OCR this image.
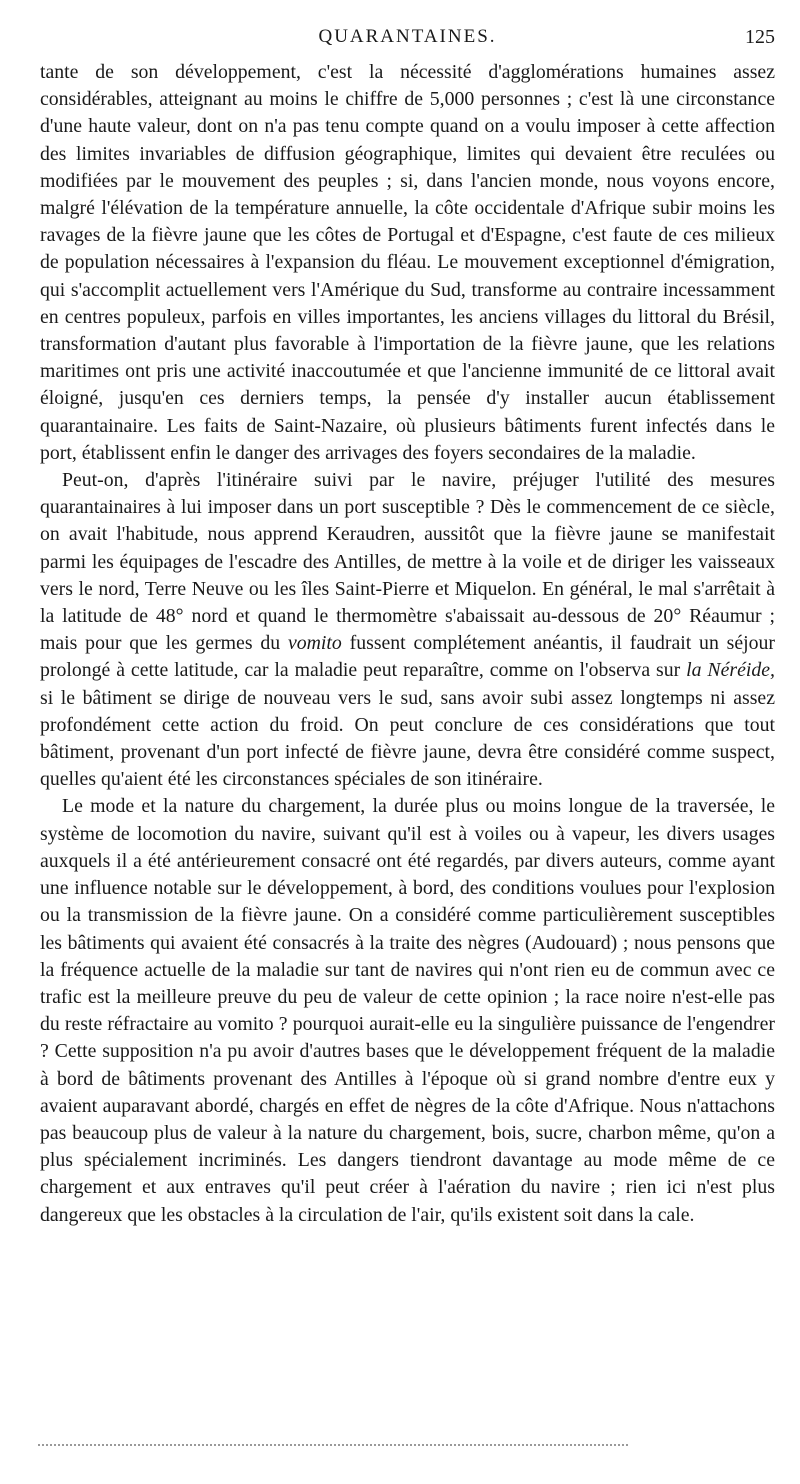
QUARANTAINES.	125

tante de son développement, c'est la nécessité d'agglomérations humaines assez considérables, atteignant au moins le chiffre de 5,000 personnes ; c'est là une circonstance d'une haute valeur, dont on n'a pas tenu compte quand on a voulu imposer à cette affection des limites invariables de diffusion géographique, limites qui devaient être reculées ou modifiées par le mouvement des peuples ; si, dans l'ancien monde, nous voyons encore, malgré l'élévation de la température annuelle, la côte occidentale d'Afrique subir moins les ravages de la fièvre jaune que les côtes de Portugal et d'Espagne, c'est faute de ces milieux de population nécessaires à l'expansion du fléau. Le mouvement exceptionnel d'émigration, qui s'accomplit actuellement vers l'Amérique du Sud, transforme au contraire incessamment en centres populeux, parfois en villes importantes, les anciens villages du littoral du Brésil, transformation d'autant plus favorable à l'importation de la fièvre jaune, que les relations maritimes ont pris une activité inaccoutumée et que l'ancienne immunité de ce littoral avait éloigné, jusqu'en ces derniers temps, la pensée d'y installer aucun établissement quarantainaire. Les faits de Saint-Nazaire, où plusieurs bâtiments furent infectés dans le port, établissent enfin le danger des arrivages des foyers secondaires de la maladie.

Peut-on, d'après l'itinéraire suivi par le navire, préjuger l'utilité des mesures quarantainaires à lui imposer dans un port susceptible ? Dès le commencement de ce siècle, on avait l'habitude, nous apprend Keraudren, aussitôt que la fièvre jaune se manifestait parmi les équipages de l'escadre des Antilles, de mettre à la voile et de diriger les vaisseaux vers le nord, Terre Neuve ou les îles Saint-Pierre et Miquelon. En général, le mal s'arrêtait à la latitude de 48° nord et quand le thermomètre s'abaissait au-dessous de 20° Réaumur ; mais pour que les germes du vomito fussent complétement anéantis, il faudrait un séjour prolongé à cette latitude, car la maladie peut reparaître, comme on l'observa sur la Néréide, si le bâtiment se dirige de nouveau vers le sud, sans avoir subi assez longtemps ni assez profondément cette action du froid. On peut conclure de ces considérations que tout bâtiment, provenant d'un port infecté de fièvre jaune, devra être considéré comme suspect, quelles qu'aient été les circonstances spéciales de son itinéraire.

Le mode et la nature du chargement, la durée plus ou moins longue de la traversée, le système de locomotion du navire, suivant qu'il est à voiles ou à vapeur, les divers usages auxquels il a été antérieurement consacré ont été regardés, par divers auteurs, comme ayant une influence notable sur le développement, à bord, des conditions voulues pour l'explosion ou la transmission de la fièvre jaune. On a considéré comme particulièrement susceptibles les bâtiments qui avaient été consacrés à la traite des nègres (Audouard) ; nous pensons que la fréquence actuelle de la maladie sur tant de navires qui n'ont rien eu de commun avec ce trafic est la meilleure preuve du peu de valeur de cette opinion ; la race noire n'est-elle pas du reste réfractaire au vomito ? pourquoi aurait-elle eu la singulière puissance de l'engendrer ? Cette supposition n'a pu avoir d'autres bases que le développement fréquent de la maladie à bord de bâtiments provenant des Antilles à l'époque où si grand nombre d'entre eux y avaient auparavant abordé, chargés en effet de nègres de la côte d'Afrique. Nous n'attachons pas beaucoup plus de valeur à la nature du chargement, bois, sucre, charbon même, qu'on a plus spécialement incriminés. Les dangers tiendront davantage au mode même de ce chargement et aux entraves qu'il peut créer à l'aération du navire ; rien ici n'est plus dangereux que les obstacles à la circulation de l'air, qu'ils existent soit dans la cale.
